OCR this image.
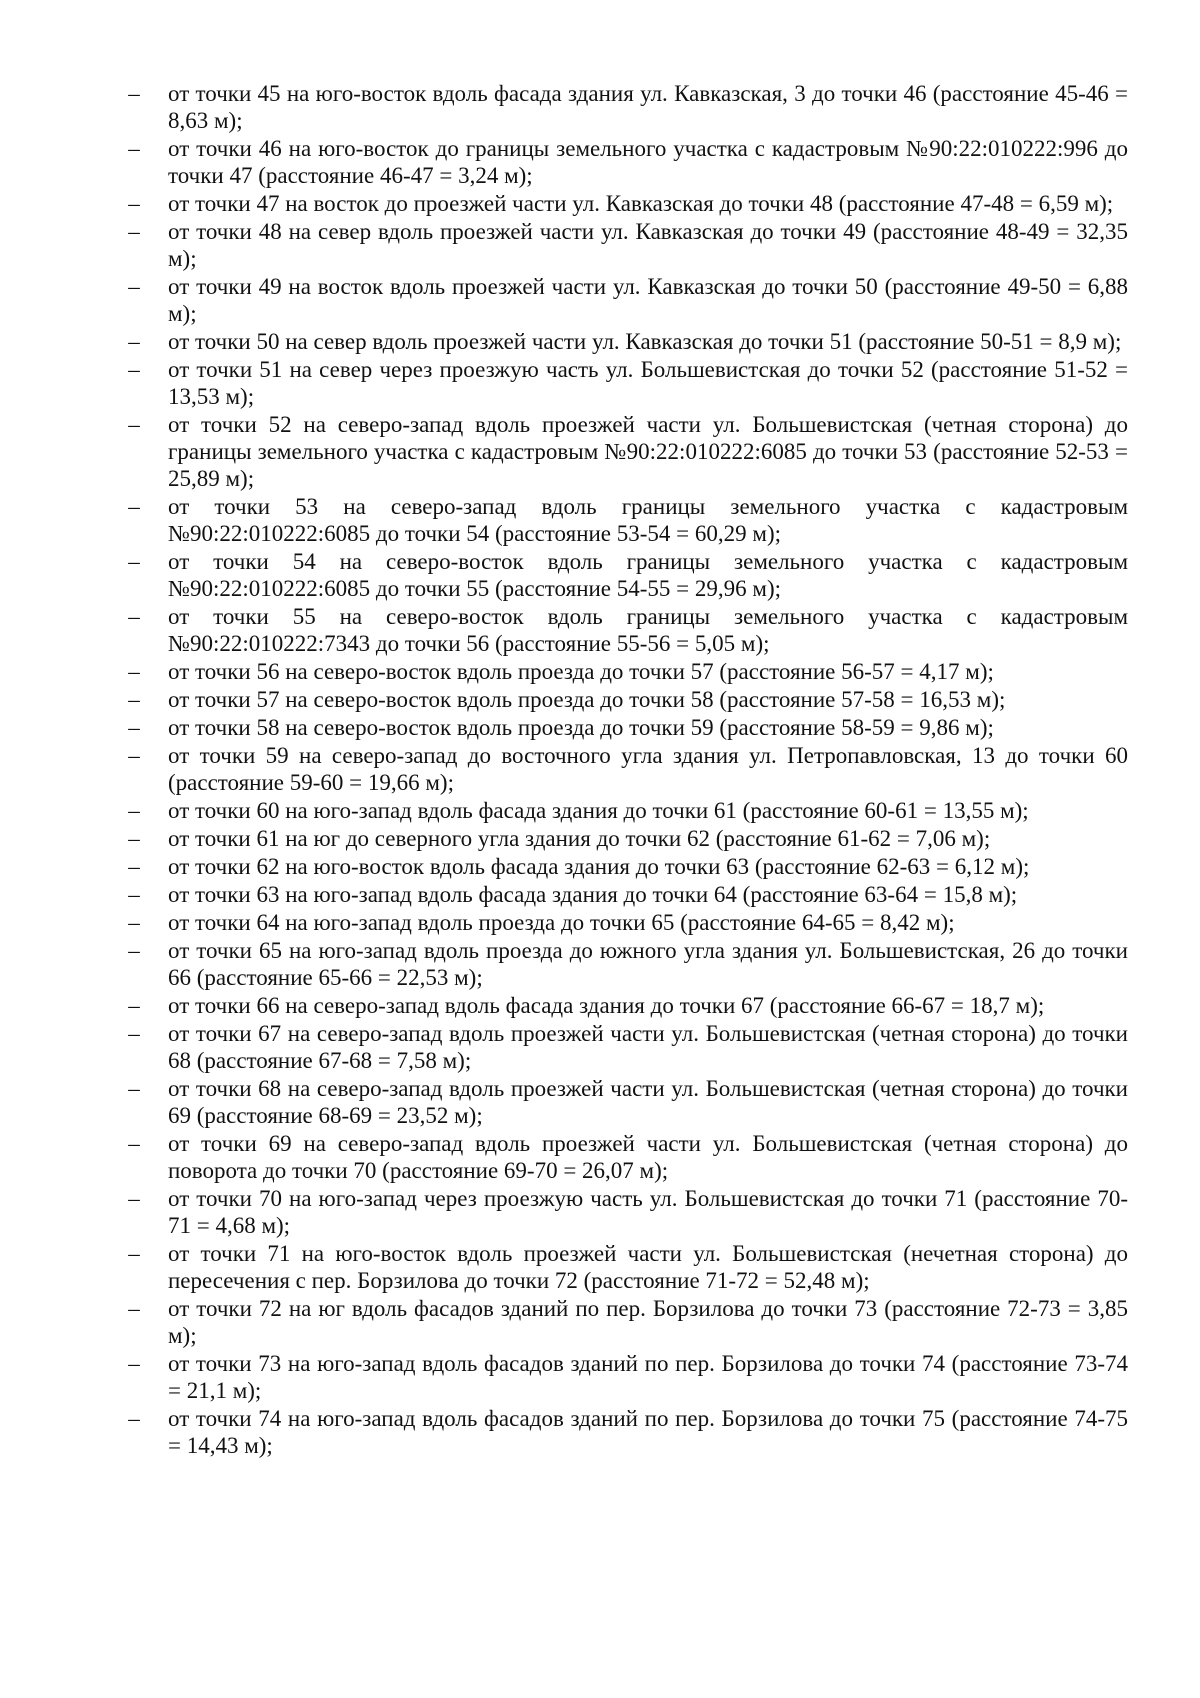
– от точки 45 на юго-восток вдоль фасада здания ул. Кавказская, 3 до точки 46 (расстояние 45-46 = 8,63 м);
– от точки 46 на юго-восток до границы земельного участка с кадастровым №90:22:010222:996 до точки 47 (расстояние 46-47 = 3,24 м);
– от точки 47 на восток до проезжей части ул. Кавказская до точки 48 (расстояние 47-48 = 6,59 м);
– от точки 48 на север вдоль проезжей части ул. Кавказская до точки 49 (расстояние 48-49 = 32,35 м);
– от точки 49 на восток вдоль проезжей части ул. Кавказская до точки 50 (расстояние 49-50 = 6,88 м);
– от точки 50 на север вдоль проезжей части ул. Кавказская до точки 51 (расстояние 50-51 = 8,9 м);
– от точки 51 на север через проезжую часть ул. Большевистская до точки 52 (расстояние 51-52 = 13,53 м);
– от точки 52 на северо-запад вдоль проезжей части ул. Большевистская (четная сторона) до границы земельного участка с кадастровым №90:22:010222:6085 до точки 53 (расстояние 52-53 = 25,89 м);
– от точки 53 на северо-запад вдоль границы земельного участка с кадастровым №90:22:010222:6085 до точки 54 (расстояние 53-54 = 60,29 м);
– от точки 54 на северо-восток вдоль границы земельного участка с кадастровым №90:22:010222:6085 до точки 55 (расстояние 54-55 = 29,96 м);
– от точки 55 на северо-восток вдоль границы земельного участка с кадастровым №90:22:010222:7343 до точки 56 (расстояние 55-56 = 5,05 м);
– от точки 56 на северо-восток вдоль проезда до точки 57 (расстояние 56-57 = 4,17 м);
– от точки 57 на северо-восток вдоль проезда до точки 58 (расстояние 57-58 = 16,53 м);
– от точки 58 на северо-восток вдоль проезда до точки 59 (расстояние 58-59 = 9,86 м);
– от точки 59 на северо-запад до восточного угла здания ул. Петропавловская, 13 до точки 60 (расстояние 59-60 = 19,66 м);
– от точки 60 на юго-запад вдоль фасада здания до точки 61 (расстояние 60-61 = 13,55 м);
– от точки 61 на юг до северного угла здания до точки 62 (расстояние 61-62 = 7,06 м);
– от точки 62 на юго-восток вдоль фасада здания до точки 63 (расстояние 62-63 = 6,12 м);
– от точки 63 на юго-запад вдоль фасада здания до точки 64 (расстояние 63-64 = 15,8 м);
– от точки 64 на юго-запад вдоль проезда до точки 65 (расстояние 64-65 = 8,42 м);
– от точки 65 на юго-запад вдоль проезда до южного угла здания ул. Большевистская, 26 до точки 66 (расстояние 65-66 = 22,53 м);
– от точки 66 на северо-запад вдоль фасада здания до точки 67 (расстояние 66-67 = 18,7 м);
– от точки 67 на северо-запад вдоль проезжей части ул. Большевистская (четная сторона) до точки 68 (расстояние 67-68 = 7,58 м);
– от точки 68 на северо-запад вдоль проезжей части ул. Большевистская (четная сторона) до точки 69 (расстояние 68-69 = 23,52 м);
– от точки 69 на северо-запад вдоль проезжей части ул. Большевистская (четная сторона) до поворота до точки 70 (расстояние 69-70 = 26,07 м);
– от точки 70 на юго-запад через проезжую часть ул. Большевистская до точки 71 (расстояние 70-71 = 4,68 м);
– от точки 71 на юго-восток вдоль проезжей части ул. Большевистская (нечетная сторона) до пересечения с пер. Борзилова до точки 72 (расстояние 71-72 = 52,48 м);
– от точки 72 на юг вдоль фасадов зданий по пер. Борзилова до точки 73 (расстояние 72-73 = 3,85 м);
– от точки 73 на юго-запад вдоль фасадов зданий по пер. Борзилова до точки 74 (расстояние 73-74 = 21,1 м);
– от точки 74 на юго-запад вдоль фасадов зданий по пер. Борзилова до точки 75 (расстояние 74-75 = 14,43 м);
